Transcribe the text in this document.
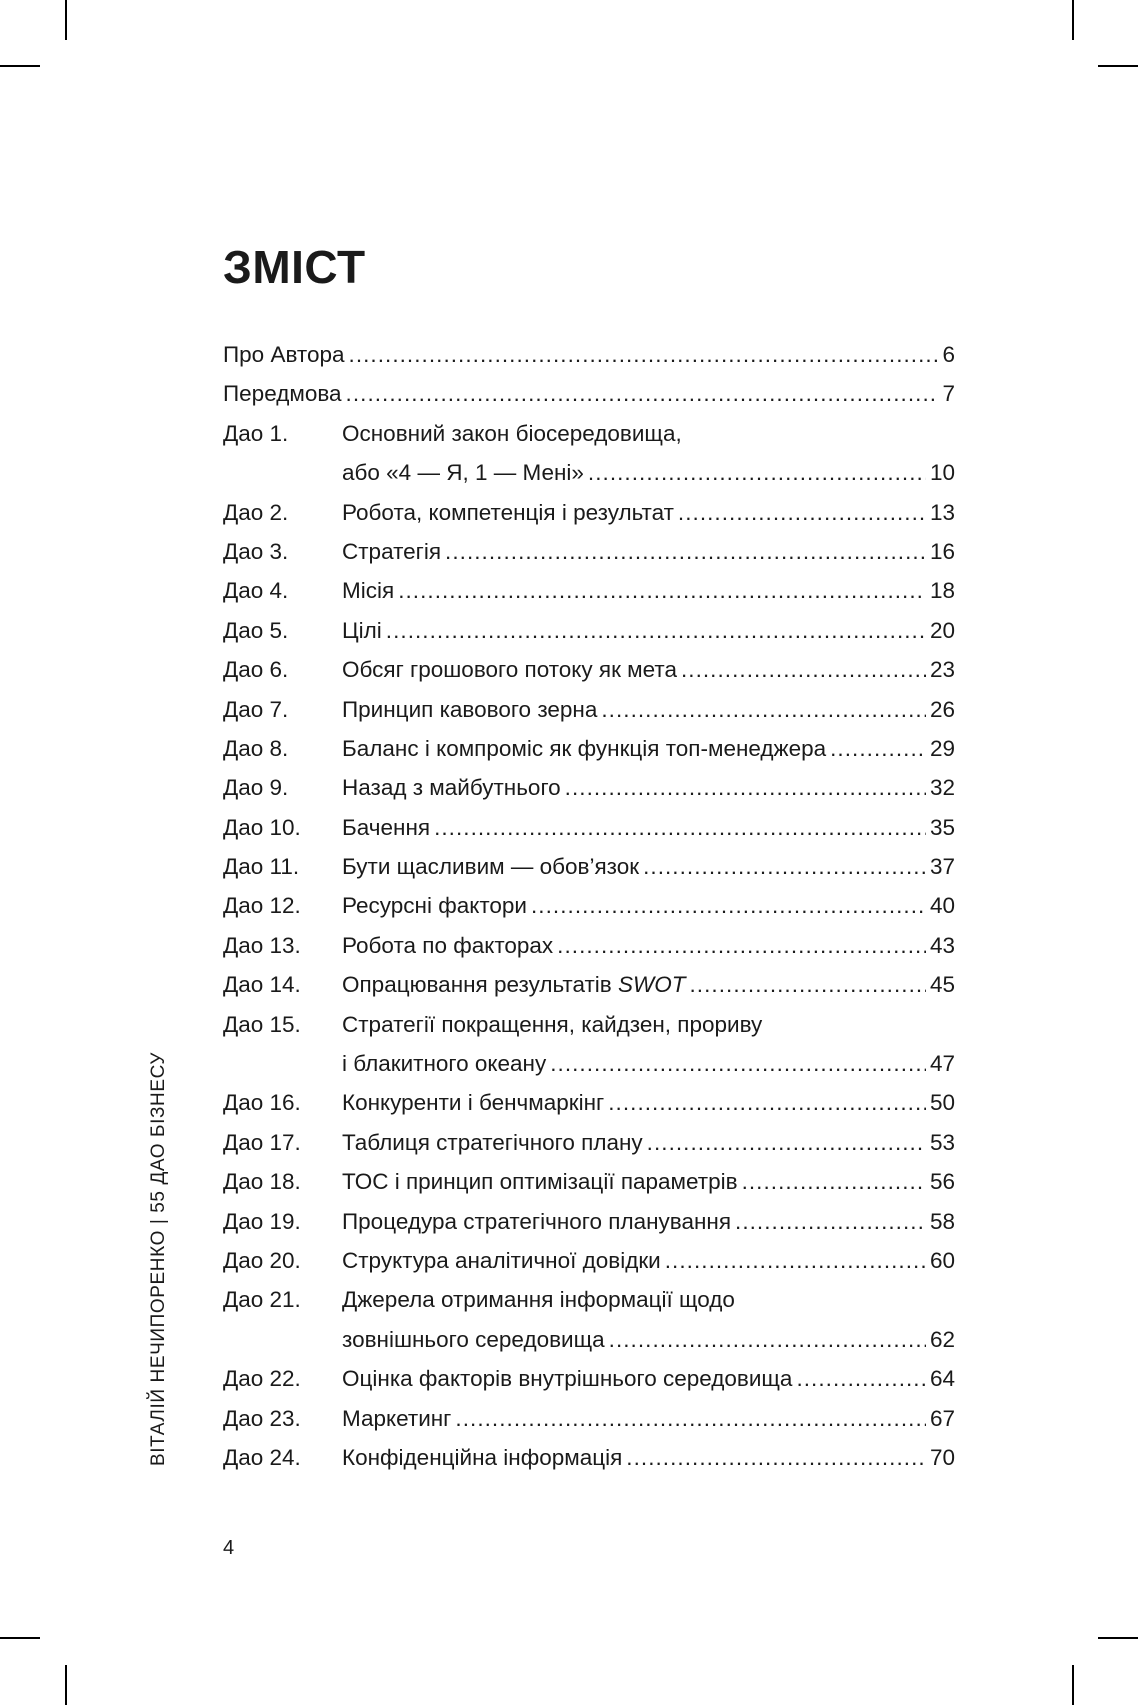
ЗМІСТ
Про Автора . . .	6
Передмова . . .	7
Дао 1.	Основний закон біосередовища,
або «4 — Я, 1 — Мені» . . .	10
Дао 2.	Робота, компетенція і результат . . .	13
Дао 3.	Стратегія . . .	16
Дао 4.	Місія . . .	18
Дао 5.	Цілі . . .	20
Дао 6.	Обсяг грошового потоку як мета . . .	23
Дао 7.	Принцип кавового зерна . . .	26
Дао 8.	Баланс і компроміс як функція топ-менеджера . . .	29
Дао 9.	Назад з майбутнього . . .	32
Дао 10.	Бачення . . .	35
Дао 11.	Бути щасливим — обов’язок . . .	37
Дао 12.	Ресурсні фактори . . .	40
Дао 13.	Робота по факторах . . .	43
Дао 14.	Опрацювання результатів SWOT . . .	45
Дао 15.	Стратегії покращення, кайдзен, прориву
і блакитного океану . . .	47
Дао 16.	Конкуренти і бенчмаркінг . . .	50
Дао 17.	Таблиця стратегічного плану . . .	53
Дао 18.	ТОС і принцип оптимізації параметрів . . .	56
Дао 19.	Процедура стратегічного планування . . .	58
Дао 20.	Структура аналітичної довідки . . .	60
Дао 21.	Джерела отримання інформації щодо
зовнішнього середовища . . .	62
Дао 22.	Оцінка факторів внутрішнього середовища . . .	64
Дао 23.	Маркетинг . . .	67
Дао 24.	Конфіденційна інформація . . .	70
ВІТАЛІЙ НЕЧИПОРЕНКО | 55 ДАО БІЗНЕСУ
4
